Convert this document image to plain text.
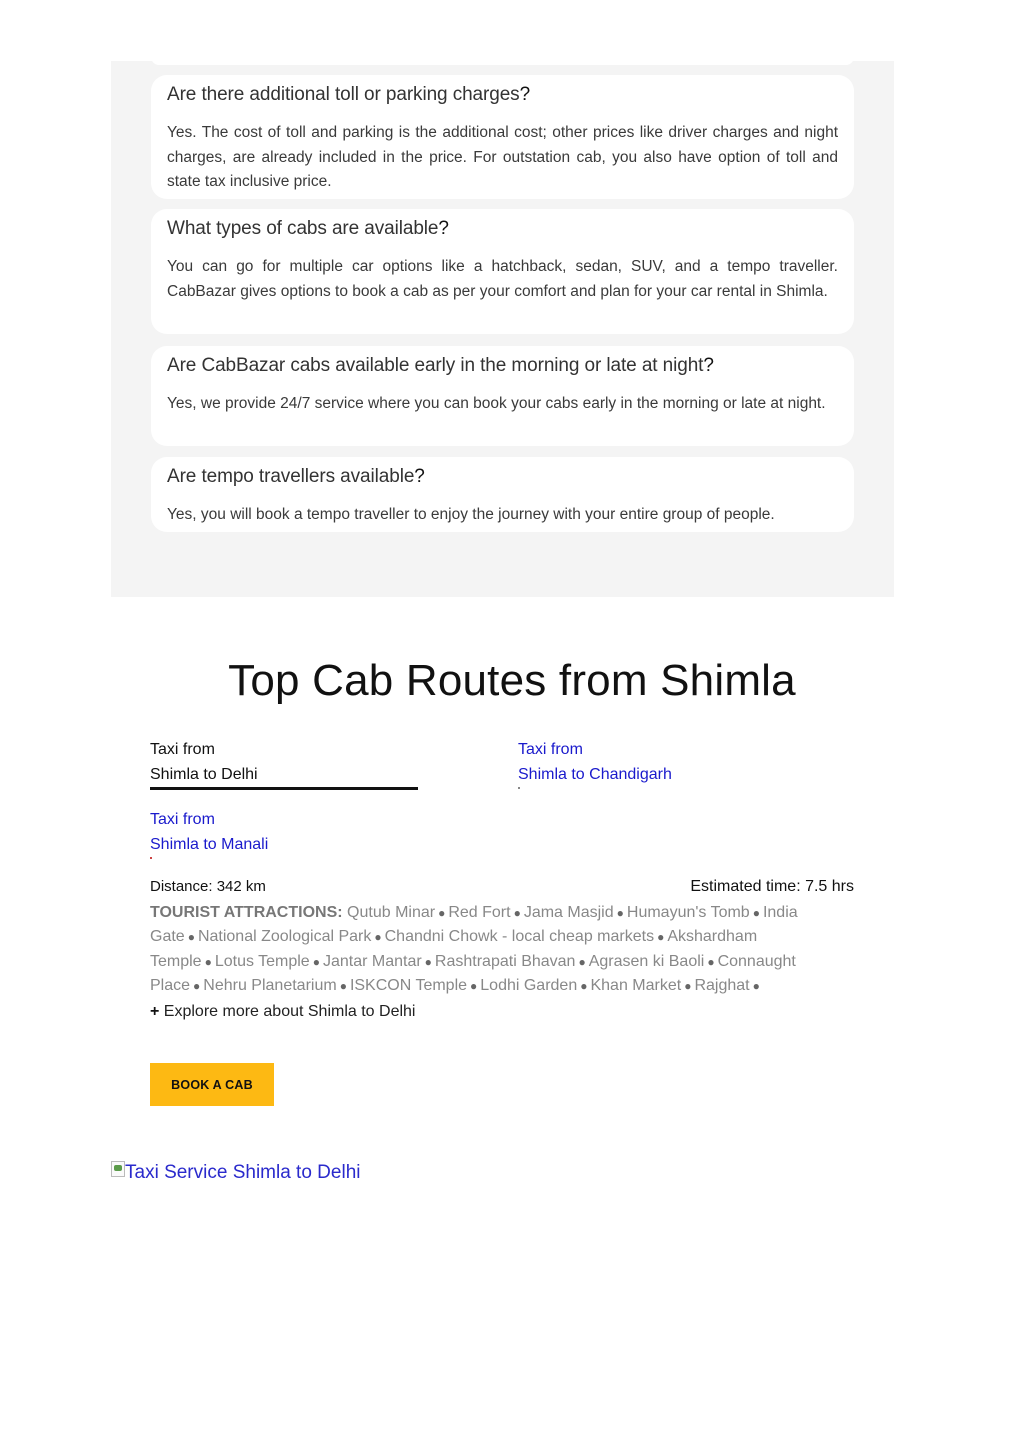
Are there additional toll or parking charges?

Yes. The cost of toll and parking is the additional cost; other prices like driver charges and night charges, are already included in the price. For outstation cab, you also have option of toll and state tax inclusive price.

What types of cabs are available?

You can go for multiple car options like a hatchback, sedan, SUV, and a tempo traveller. CabBazar gives options to book a cab as per your comfort and plan for your car rental in Shimla.

Are CabBazar cabs available early in the morning or late at night?

Yes, we provide 24/7 service where you can book your cabs early in the morning or late at night.

Are tempo travellers available?

Yes, you will book a tempo traveller to enjoy the journey with your entire group of people.

Top Cab Routes from Shimla
Taxi from
Shimla to Delhi
Taxi from
Shimla to Chandigarh
Taxi from
Shimla to Manali
Distance: 342 km	Estimated time: 7.5 hrs
TOURIST ATTRACTIONS: Qutub Minar ● Red Fort ● Jama Masjid ● Humayun's Tomb ● India Gate ● National Zoological Park ● Chandni Chowk - local cheap markets ● Akshardham Temple ● Lotus Temple ● Jantar Mantar ● Rashtrapati Bhavan ● Agrasen ki Baoli ● Connaught Place ● Nehru Planetarium ● ISKCON Temple ● Lodhi Garden ● Khan Market ● Rajghat ●
+ Explore more about Shimla to Delhi
BOOK A CAB
Taxi Service Shimla to Delhi
